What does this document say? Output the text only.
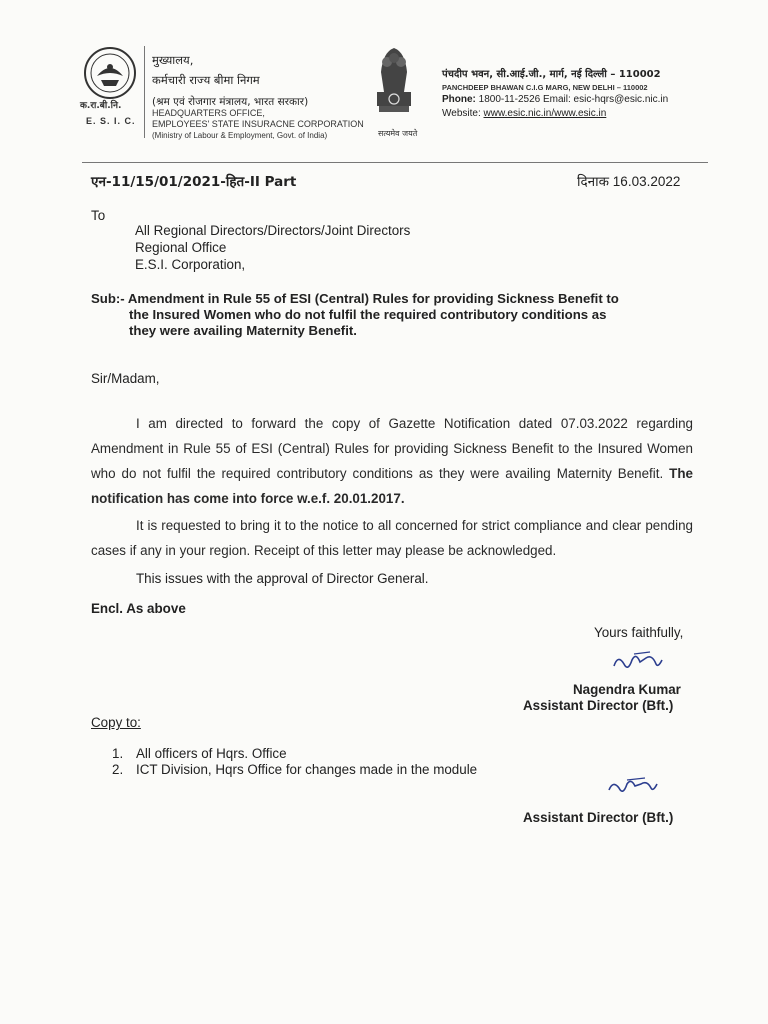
क.रा.बी.नि.
E. S. I. C.
मुख्यालय,
कर्मचारी राज्य बीमा निगम
(श्रम एवं रोजगार मंत्रालय, भारत सरकार)
HEADQUARTERS OFFICE,
EMPLOYEES' STATE INSURACNE CORPORATION
(Ministry of Labour & Employment, Govt. of India)	सत्यमेव जयते
पंचदीप भवन, सी.आई.जी., मार्ग, नई दिल्ली – 110002
PANCHDEEP BHAWAN C.I.G MARG, NEW DELHI – 110002
Phone: 1800-11-2526 Email: esic-hqrs@esic.nic.in
Website: www.esic.nic.in/www.esic.in
एन-11/15/01/2021-हित-II Part	दिनाक 16.03.2022
To
All Regional Directors/Directors/Joint Directors
Regional Office
E.S.I. Corporation,
Sub:- Amendment in Rule 55 of ESI (Central) Rules for providing Sickness Benefit to
the Insured Women who do not fulfil the required contributory conditions as
they were availing Maternity Benefit.
Sir/Madam,
I am directed to forward the copy of Gazette Notification dated 07.03.2022 regarding Amendment in Rule 55 of ESI (Central) Rules for providing Sickness Benefit to the Insured Women who do not fulfil the required contributory conditions as they were availing Maternity Benefit. The notification has come into force w.e.f. 20.01.2017.
It is requested to bring it to the notice to all concerned for strict compliance and clear pending cases if any in your region. Receipt of this letter may please be acknowledged.
This issues with the approval of Director General.
Encl. As above
Yours faithfully,
Nagendra Kumar
Assistant Director (Bft.)
Copy to:
1. All officers of Hqrs. Office
2. ICT Division, Hqrs Office for changes made in the module
Assistant Director (Bft.)
